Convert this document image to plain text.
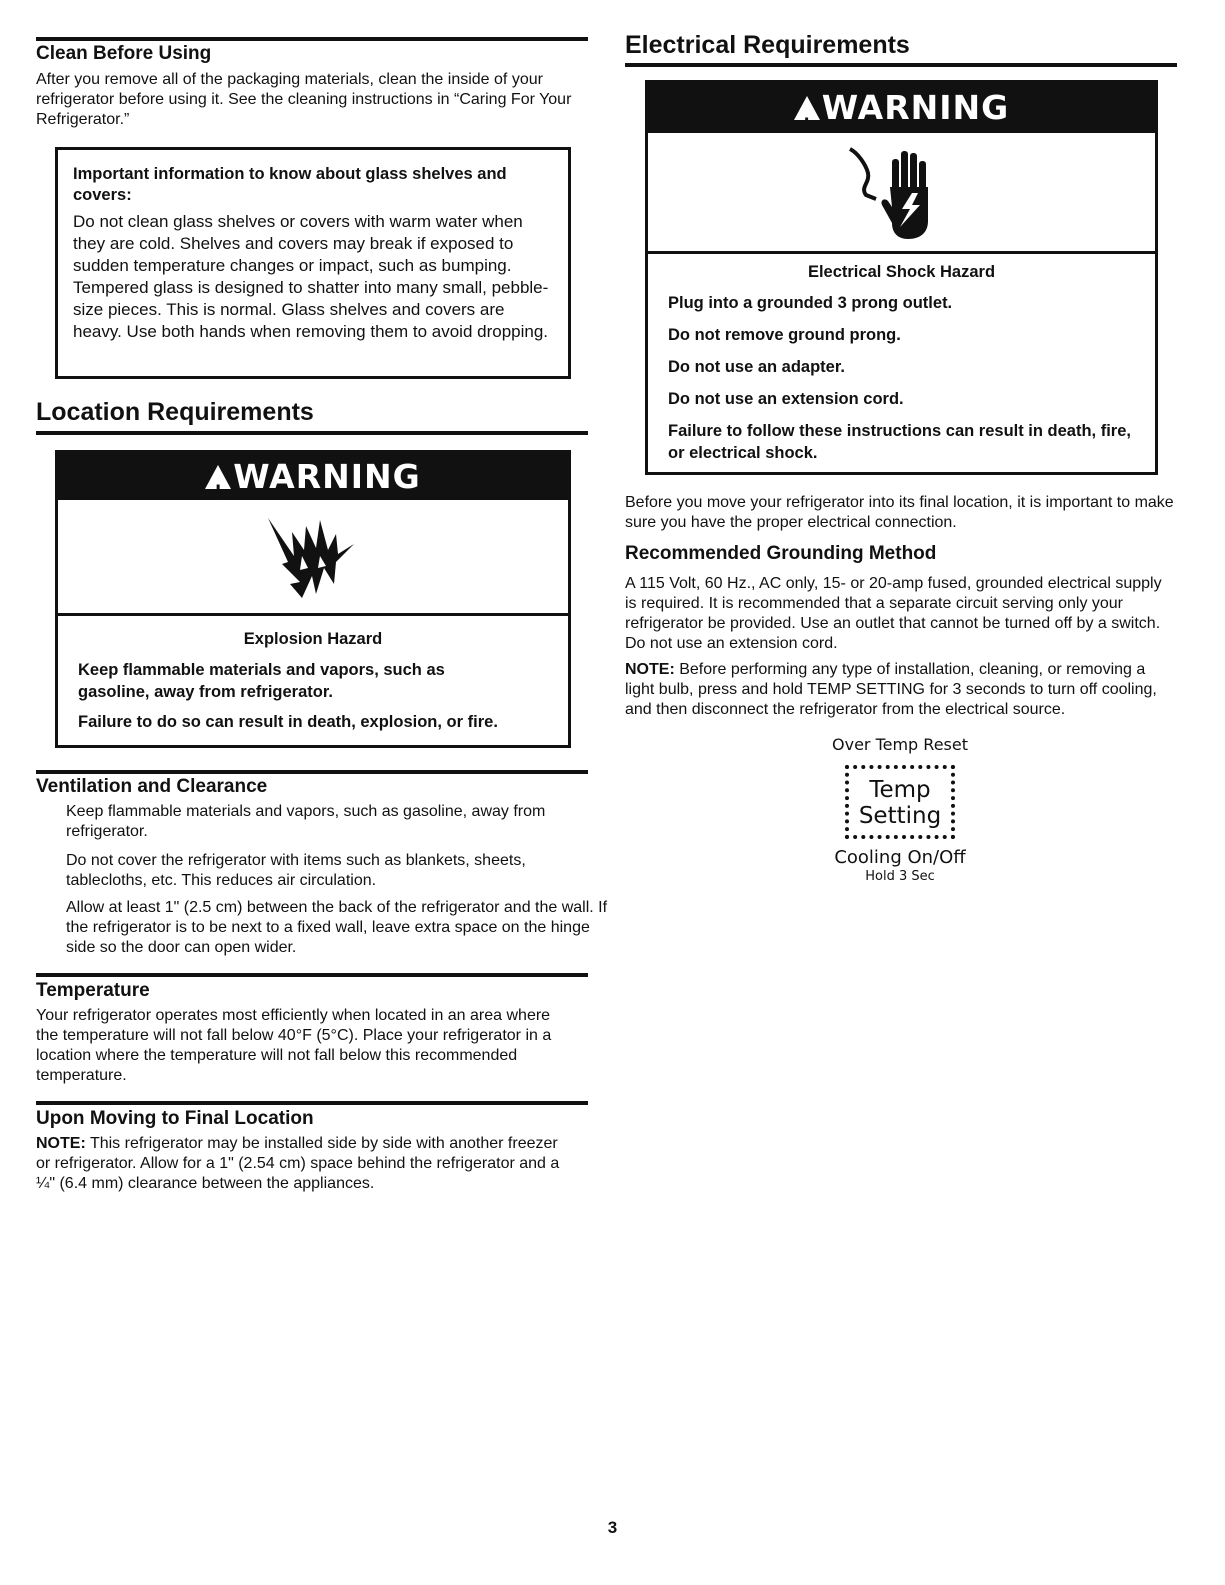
Clean Before Using

After you remove all of the packaging materials, clean the inside of your refrigerator before using it. See the cleaning instructions in “Caring For Your Refrigerator.”

Important information to know about glass shelves and covers:
Do not clean glass shelves or covers with warm water when they are cold. Shelves and covers may break if exposed to sudden temperature changes or impact, such as bumping. Tempered glass is designed to shatter into many small, pebble-size pieces. This is normal. Glass shelves and covers are heavy. Use both hands when removing them to avoid dropping.
Location Requirements
!WARNING

Explosion Hazard

Keep flammable materials and vapors, such as gasoline, away from refrigerator.

Failure to do so can result in death, explosion, or fire.

Ventilation and Clearance

Keep flammable materials and vapors, such as gasoline, away from refrigerator.

Do not cover the refrigerator with items such as blankets, sheets, tablecloths, etc. This reduces air circulation.

Allow at least 1" (2.5 cm) between the back of the refrigerator and the wall. If the refrigerator is to be next to a fixed wall, leave extra space on the hinge side so the door can open wider.

Temperature

Your refrigerator operates most efficiently when located in an area where the temperature will not fall below 40°F (5°C). Place your refrigerator in a location where the temperature will not fall below this recommended temperature.

Upon Moving to Final Location

NOTE: This refrigerator may be installed side by side with another freezer or refrigerator. Allow for a 1" (2.54 cm) space behind the refrigerator and a ¼" (6.4 mm) clearance between the appliances.

Electrical Requirements
!WARNING

Electrical Shock Hazard

Plug into a grounded 3 prong outlet.

Do not remove ground prong.

Do not use an adapter.

Do not use an extension cord.

Failure to follow these instructions can result in death, fire, or electrical shock.

Before you move your refrigerator into its final location, it is important to make sure you have the proper electrical connection.

Recommended Grounding Method

A 115 Volt, 60 Hz., AC only, 15- or 20-amp fused, grounded electrical supply is required. It is recommended that a separate circuit serving only your refrigerator be provided. Use an outlet that cannot be turned off by a switch. Do not use an extension cord.

NOTE: Before performing any type of installation, cleaning, or removing a light bulb, press and hold TEMP SETTING for 3 seconds to turn off cooling, and then disconnect the refrigerator from the electrical source.

Over Temp Reset
Temp
Setting
Cooling On/Off
Hold 3 Sec
3
